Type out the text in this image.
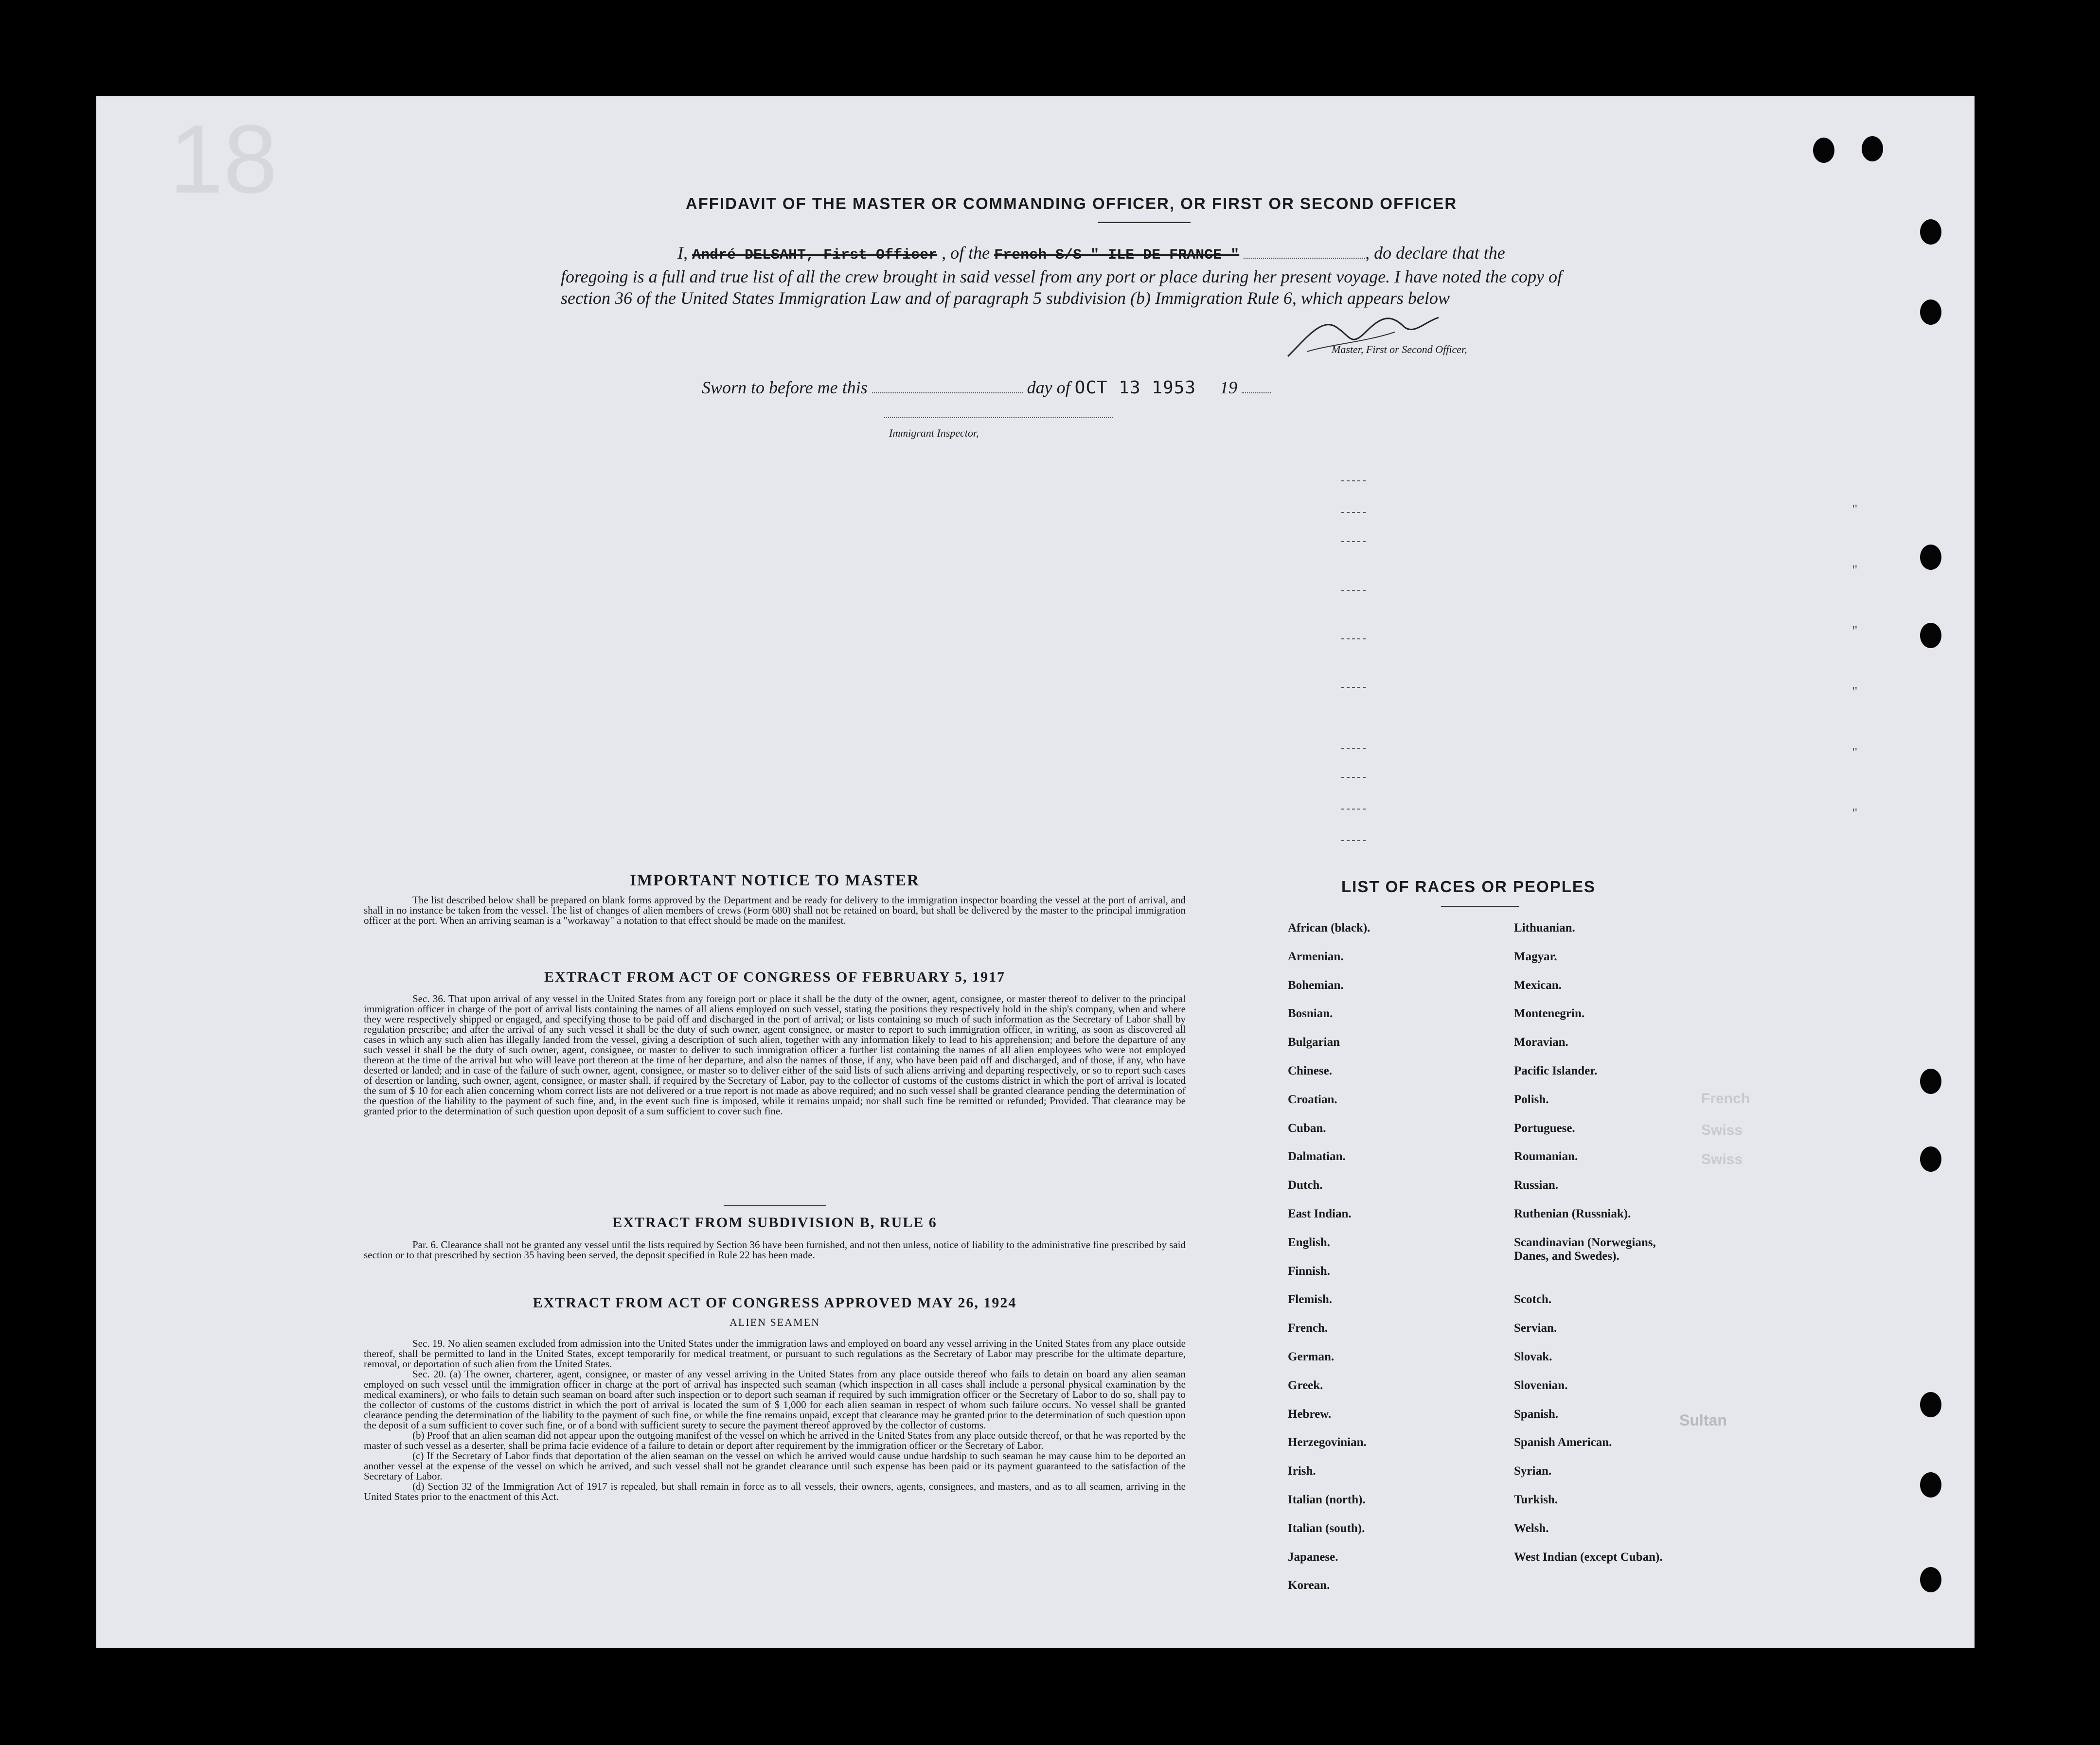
18
French
Swiss
Swiss
Sultan
AFFIDAVIT OF THE MASTER OR COMMANDING OFFICER, OR FIRST OR SECOND OFFICER
I, André DELSAHT, First Officer , of the French S/S " ILE DE FRANCE "	, do declare that the foregoing is a full and true list of all the crew brought in said vessel from any port or place during her present voyage. I have noted the copy of section 36 of the United States Immigration Law and of paragraph 5 subdivision (b) Immigration Rule 6, which appears below
Master, First or Second Officer,
Sworn to before me this	day of OCT 13 1953 19
Immigrant Inspector,
"
"
"
"
"
"
IMPORTANT NOTICE TO MASTER
The list described below shall be prepared on blank forms approved by the Department and be ready for delivery to the immigration inspector boarding the vessel at the port of arrival, and shall in no instance be taken from the vessel. The list of changes of alien members of crews (Form 680) shall not be retained on board, but shall be delivered by the master to the principal immigration officer at the port. When an arriving seaman is a "workaway" a notation to that effect should be made on the manifest.
EXTRACT FROM ACT OF CONGRESS OF FEBRUARY 5, 1917
Sec. 36. That upon arrival of any vessel in the United States from any foreign port or place it shall be the duty of the owner, agent, consignee, or master thereof to deliver to the principal immigration officer in charge of the port of arrival lists containing the names of all aliens employed on such vessel, stating the positions they respectively hold in the ship's company, when and where they were respectively shipped or engaged, and specifying those to be paid off and discharged in the port of arrival; or lists containing so much of such information as the Secretary of Labor shall by regulation prescribe; and after the arrival of any such vessel it shall be the duty of such owner, agent consignee, or master to report to such immigration officer, in writing, as soon as discovered all cases in which any such alien has illegally landed from the vessel, giving a description of such alien, together with any information likely to lead to his apprehension; and before the departure of any such vessel it shall be the duty of such owner, agent, consignee, or master to deliver to such immigration officer a further list containing the names of all alien employees who were not employed thereon at the time of the arrival but who will leave port thereon at the time of her departure, and also the names of those, if any, who have been paid off and discharged, and of those, if any, who have deserted or landed; and in case of the failure of such owner, agent, consignee, or master so to deliver either of the said lists of such aliens arriving and departing respectively, or so to report such cases of desertion or landing, such owner, agent, consignee, or master shall, if required by the Secretary of Labor, pay to the collector of customs of the customs district in which the port of arrival is located the sum of $ 10 for each alien concerning whom correct lists are not delivered or a true report is not made as above required; and no such vessel shall be granted clearance pending the determination of the question of the liability to the payment of such fine, and, in the event such fine is imposed, while it remains unpaid; nor shall such fine be remitted or refunded; Provided. That clearance may be granted prior to the determination of such question upon deposit of a sum sufficient to cover such fine.
EXTRACT FROM SUBDIVISION B, RULE 6
Par. 6. Clearance shall not be granted any vessel until the lists required by Section 36 have been furnished, and not then unless, notice of liability to the administrative fine prescribed by said section or to that prescribed by section 35 having been served, the deposit specified in Rule 22 has been made.
EXTRACT FROM ACT OF CONGRESS APPROVED MAY 26, 1924
ALIEN SEAMEN
Sec. 19. No alien seamen excluded from admission into the United States under the immigration laws and employed on board any vessel arriving in the United States from any place outside thereof, shall be permitted to land in the United States, except temporarily for medical treatment, or pursuant to such regulations as the Secretary of Labor may prescribe for the ultimate departure, removal, or deportation of such alien from the United States.
Sec. 20. (a) The owner, charterer, agent, consignee, or master of any vessel arriving in the United States from any place outside thereof who fails to detain on board any alien seaman employed on such vessel until the immigration officer in charge at the port of arrival has inspected such seaman (which inspection in all cases shall include a personal physical examination by the medical examiners), or who fails to detain such seaman on board after such inspection or to deport such seaman if required by such immigration officer or the Secretary of Labor to do so, shall pay to the collector of customs of the customs district in which the port of arrival is located the sum of $ 1,000 for each alien seaman in respect of whom such failure occurs. No vessel shall be granted clearance pending the determination of the liability to the payment of such fine, or while the fine remains unpaid, except that clearance may be granted prior to the determination of such question upon the deposit of a sum sufficient to cover such fine, or of a bond with sufficient surety to secure the payment thereof approved by the collector of customs.
(b) Proof that an alien seaman did not appear upon the outgoing manifest of the vessel on which he arrived in the United States from any place outside thereof, or that he was reported by the master of such vessel as a deserter, shall be prima facie evidence of a failure to detain or deport after requirement by the immigration officer or the Secretary of Labor.
(c) If the Secretary of Labor finds that deportation of the alien seaman on the vessel on which he arrived would cause undue hardship to such seaman he may cause him to be deported an another vessel at the expense of the vessel on which he arrived, and such vessel shall not be grandet clearance until such expense has been paid or its payment guaranteed to the satisfaction of the Secretary of Labor.
(d) Section 32 of the Immigration Act of 1917 is repealed, but shall remain in force as to all vessels, their owners, agents, consignees, and masters, and as to all seamen, arriving in the United States prior to the enactment of this Act.
LIST OF RACES OR PEOPLES
African (black).
Armenian.
Bohemian.
Bosnian.
Bulgarian
Chinese.
Croatian.
Cuban.
Dalmatian.
Dutch.
East Indian.
English.
Finnish.
Flemish.
French.
German.
Greek.
Hebrew.
Herzegovinian.
Irish.
Italian (north).
Italian (south).
Japanese.
Korean.
Lithuanian.
Magyar.
Mexican.
Montenegrin.
Moravian.
Pacific Islander.
Polish.
Portuguese.
Roumanian.
Russian.
Ruthenian (Russniak).
Scandinavian (Norwegians, Danes, and Swedes).
Scotch.
Servian.
Slovak.
Slovenian.
Spanish.
Spanish American.
Syrian.
Turkish.
Welsh.
West Indian (except Cuban).
